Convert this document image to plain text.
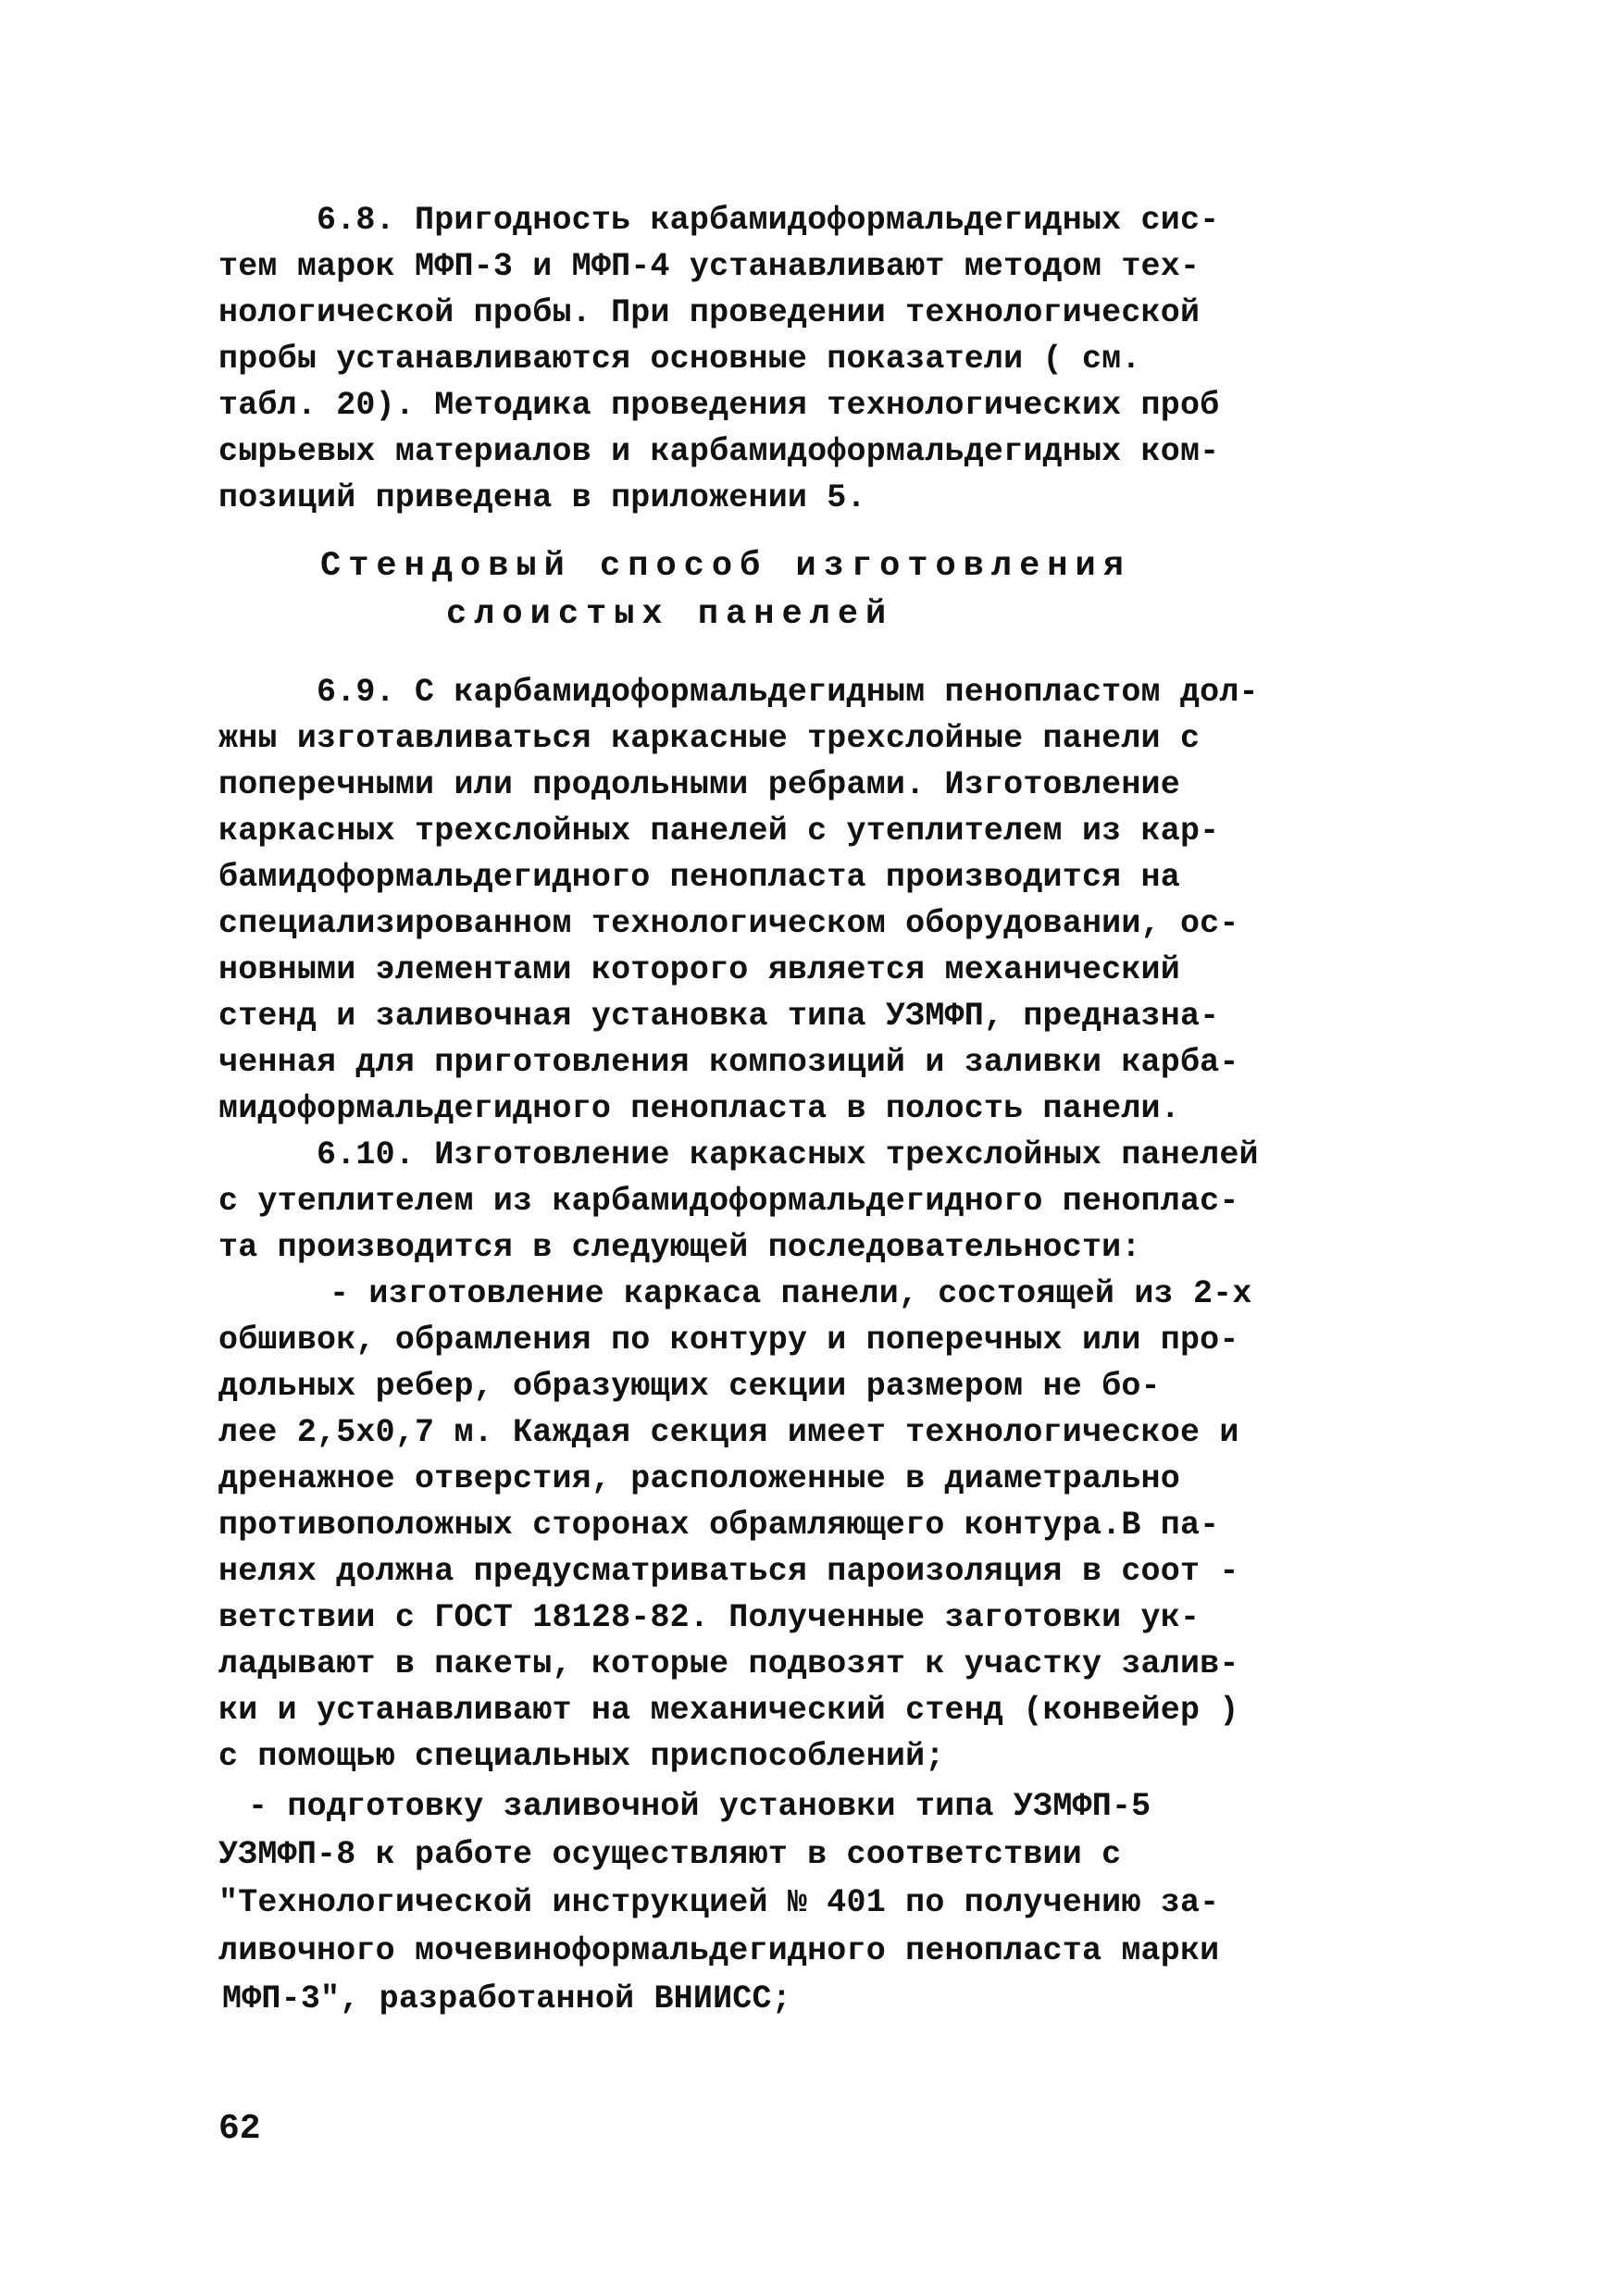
6.8. Пригодность карбамидоформальдегидных сис-
тем марок МФП-3 и МФП-4 устанавливают методом тех-
нологической пробы. При проведении технологической
пробы устанавливаются основные показатели ( см.
табл. 20). Методика проведения технологических проб
сырьевых материалов и карбамидоформальдегидных ком-
позиций приведена в приложении 5.
Стендовый способ изготовления
слоистых панелей
6.9. С карбамидоформальдегидным пенопластом дол-
жны изготавливаться каркасные трехслойные панели с
поперечными или продольными ребрами. Изготовление
каркасных трехслойных панелей с утеплителем из кар-
бамидоформальдегидного пенопласта производится на
специализированном технологическом оборудовании, ос-
новными элементами которого является механический
стенд и заливочная установка типа УЗМФП, предназна-
ченная для приготовления композиций и заливки карба-
мидоформальдегидного пенопласта в полость панели.
6.10. Изготовление каркасных трехслойных панелей
с утеплителем из карбамидоформальдегидного пеноплас-
та производится в следующей последовательности:
- изготовление каркаса панели, состоящей из 2-х
обшивок, обрамления по контуру и поперечных или про-
дольных ребер, образующих секции размером не бо-
лее 2,5х0,7 м. Каждая секция имеет технологическое и
дренажное отверстия, расположенные в диаметрально
противоположных сторонах обрамляющего контура.В па-
нелях должна предусматриваться пароизоляция в соот -
ветствии с ГОСТ 18128-82. Полученные заготовки ук-
ладывают в пакеты, которые подвозят к участку залив-
ки и устанавливают на механический стенд (конвейер )
с помощью специальных приспособлений;
- подготовку заливочной установки типа УЗМФП-5
УЗМФП-8 к работе осуществляют в соответствии с
"Технологической инструкцией № 401 по получению за-
ливочного мочевиноформальдегидного пенопласта марки
МФП-3", разработанной ВНИИСС;
62
